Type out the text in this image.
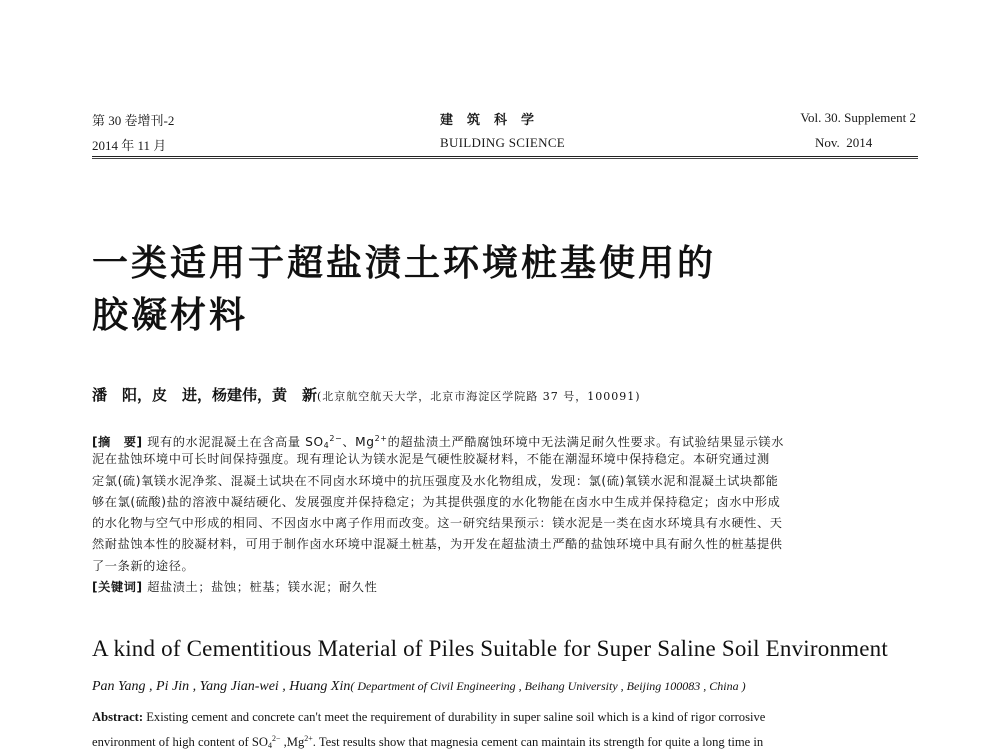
第 30 卷增刊-2
2014 年 11 月
建筑科学
BUILDING SCIENCE
Vol. 30. Supplement 2
Nov.  2014
一类适用于超盐渍土环境桩基使用的
胶凝材料
潘　阳，皮　进，杨建伟，黄　新(北京航空航天大学，北京市海淀区学院路 37 号，100091)
[摘　要] 现有的水泥混凝土在含高量 $SO_4^{2-}$、$Mg^{2+}$的超盐渍土严酷腐蚀环境中无法满足耐久性要求。有试验结果显示镁水
泥在盐蚀环境中可长时间保持强度。现有理论认为镁水泥是气硬性胶凝材料，不能在潮湿环境中保持稳定。本研究通过测
定氯(硫)氧镁水泥净浆、混凝土试块在不同卤水环境中的抗压强度及水化物组成，发现：氯(硫)氧镁水泥和混凝土试块都能
够在氯(硫酸)盐的溶液中凝结硬化、发展强度并保持稳定；为其提供强度的水化物能在卤水中生成并保持稳定；卤水中形成
的水化物与空气中形成的相同、不因卤水中离子作用而改变。这一研究结果预示：镁水泥是一类在卤水环境具有水硬性、天
然耐盐蚀本性的胶凝材料，可用于制作卤水环境中混凝土桩基，为开发在超盐渍土严酷的盐蚀环境中具有耐久性的桩基提供
了一条新的途径。
[关键词] 超盐渍土；盐蚀；桩基；镁水泥；耐久性
A kind of Cementitious Material of Piles Suitable for Super Saline Soil Environment
Pan Yang , Pi Jin , Yang Jian-wei , Huang Xin( Department of Civil Engineering , Beihang University , Beijing 100083 , China )
Abstract: Existing cement and concrete can't meet the requirement of durability in super saline soil which is a kind of rigor corrosive
environment of high content of $SO_4^{2-}$ $,Mg^{2+}$. Test results show that magnesia cement can maintain its strength for quite a long time in
